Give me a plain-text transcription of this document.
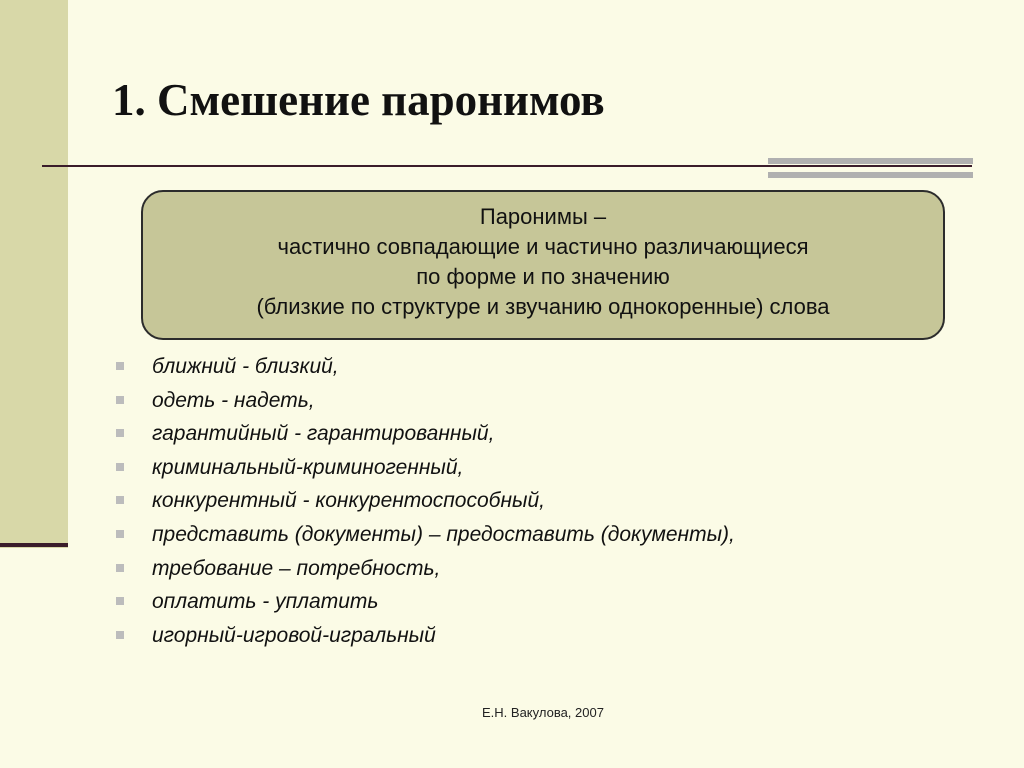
1. Смешение паронимов
Паронимы –
частично совпадающие и частично различающиеся
по форме и по значению
(близкие по структуре и звучанию однокоренные) слова
ближний - близкий,
одеть - надеть,
гарантийный - гарантированный,
криминальный-криминогенный,
конкурентный - конкурентоспособный,
представить (документы) – предоставить (документы),
требование – потребность,
оплатить - уплатить
игорный-игровой-игральный
Е.Н. Вакулова, 2007
